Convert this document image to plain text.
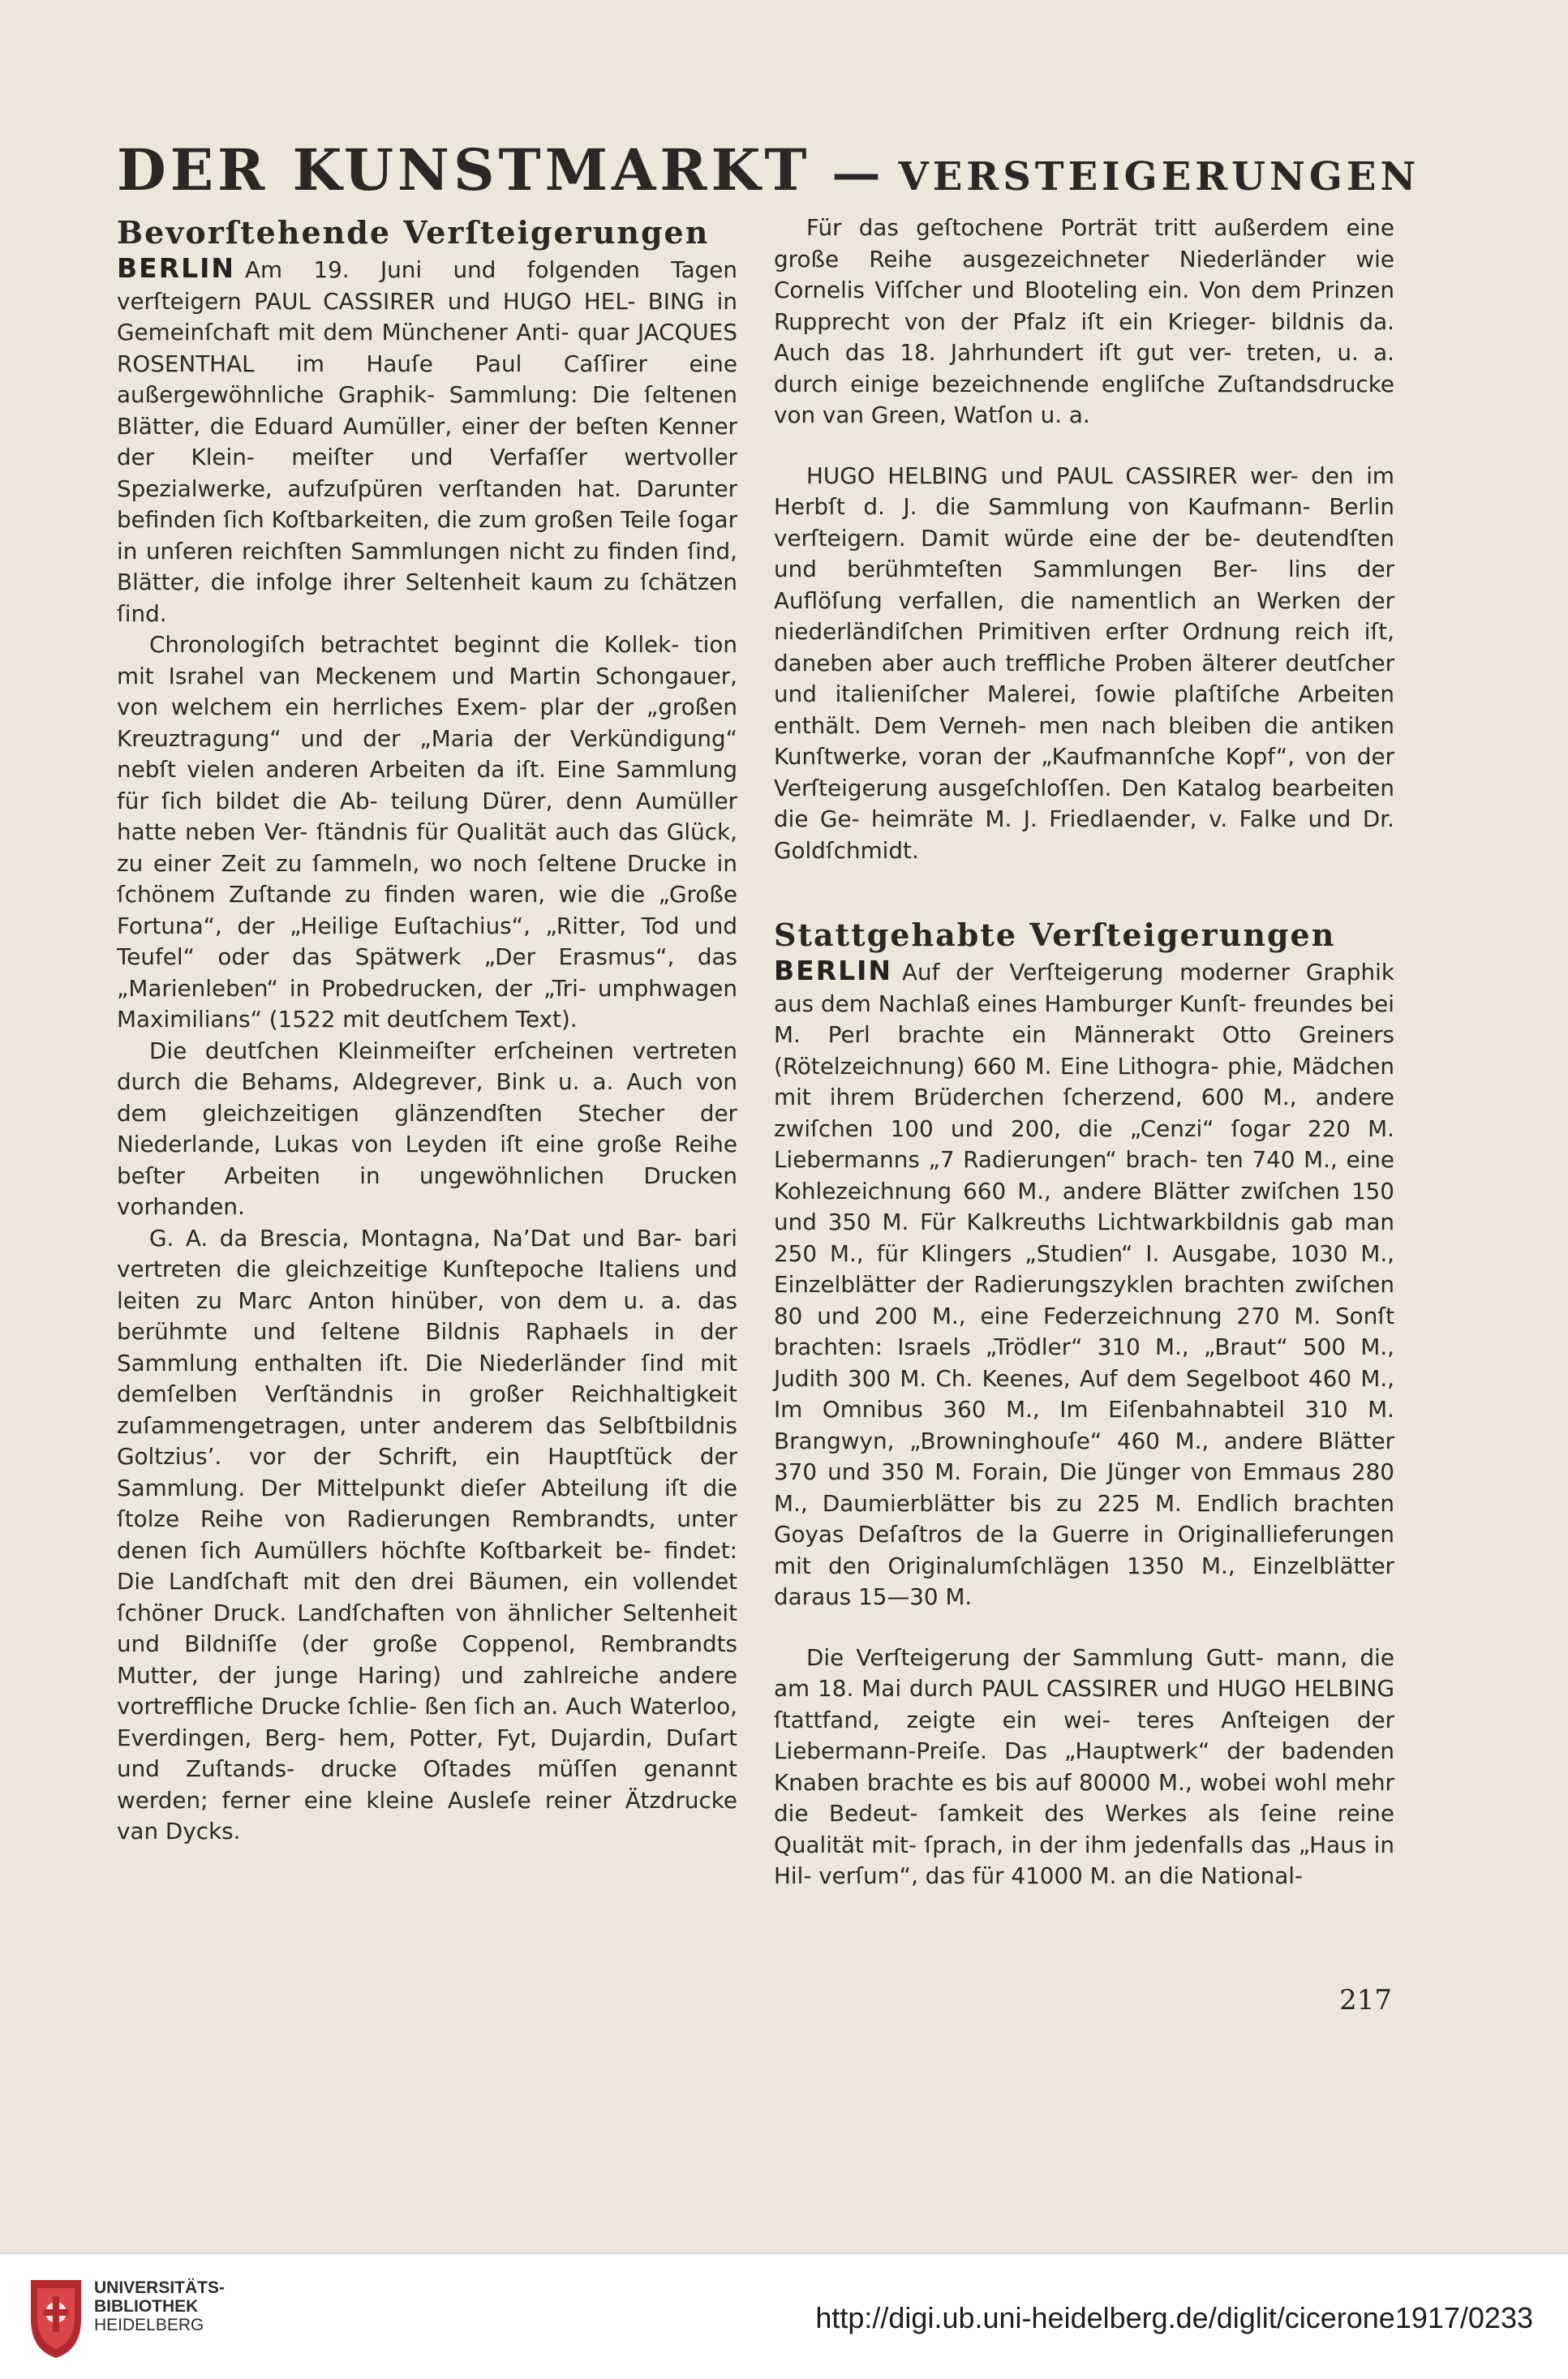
DER KUNSTMARKT — VERSTEIGERUNGEN
Bevorſtehende Verſteigerungen

BERLIN Am 19. Juni und folgenden Tagen verſteigern PAUL CASSIRER und HUGO HEL- BING in Gemeinſchaft mit dem Münchener Anti- quar JACQUES ROSENTHAL im Hauſe Paul Caſſirer eine außergewöhnliche Graphik- Sammlung: Die ſeltenen Blätter, die Eduard Aumüller, einer der beſten Kenner der Klein- meiſter und Verfaſſer wertvoller Spezialwerke, aufzuſpüren verſtanden hat. Darunter befinden ſich Koſtbarkeiten, die zum großen Teile ſogar in unſeren reichſten Sammlungen nicht zu finden ſind, Blätter, die infolge ihrer Seltenheit kaum zu ſchätzen ſind.

Chronologiſch betrachtet beginnt die Kollek- tion mit Israhel van Meckenem und Martin Schongauer, von welchem ein herrliches Exem- plar der „großen Kreuztragung“ und der „Maria der Verkündigung“ nebſt vielen anderen Arbeiten da iſt. Eine Sammlung für ſich bildet die Ab- teilung Dürer, denn Aumüller hatte neben Ver- ſtändnis für Qualität auch das Glück, zu einer Zeit zu ſammeln, wo noch ſeltene Drucke in ſchönem Zuſtande zu finden waren, wie die „Große Fortuna“, der „Heilige Euſtachius“, „Ritter, Tod und Teufel“ oder das Spätwerk „Der Erasmus“, das „Marienleben“ in Probedrucken, der „Tri- umphwagen Maximilians“ (1522 mit deutſchem Text).

Die deutſchen Kleinmeiſter erſcheinen vertreten durch die Behams, Aldegrever, Bink u. a. Auch von dem gleichzeitigen glänzendſten Stecher der Niederlande, Lukas von Leyden iſt eine große Reihe beſter Arbeiten in ungewöhnlichen Drucken vorhanden.

G. A. da Brescia, Montagna, Na’Dat und Bar- bari vertreten die gleichzeitige Kunſtepoche Italiens und leiten zu Marc Anton hinüber, von dem u. a. das berühmte und ſeltene Bildnis Raphaels in der Sammlung enthalten iſt. Die Niederländer ſind mit demſelben Verſtändnis in großer Reichhaltigkeit zuſammengetragen, unter anderem das Selbſtbildnis Goltzius’. vor der Schrift, ein Hauptſtück der Sammlung. Der Mittelpunkt dieſer Abteilung iſt die ſtolze Reihe von Radierungen Rembrandts, unter denen ſich Aumüllers höchſte Koſtbarkeit be- findet: Die Landſchaft mit den drei Bäumen, ein vollendet ſchöner Druck. Landſchaften von ähnlicher Seltenheit und Bildniſſe (der große Coppenol, Rembrandts Mutter, der junge Haring) und zahlreiche andere vortreffliche Drucke ſchlie- ßen ſich an. Auch Waterloo, Everdingen, Berg- hem, Potter, Fyt, Dujardin, Duſart und Zuſtands- drucke Oſtades müſſen genannt werden; ferner eine kleine Ausleſe reiner Ätzdrucke van Dycks.

Für das geſtochene Porträt tritt außerdem eine große Reihe ausgezeichneter Niederländer wie Cornelis Viſſcher und Blooteling ein. Von dem Prinzen Rupprecht von der Pfalz iſt ein Krieger- bildnis da. Auch das 18. Jahrhundert iſt gut ver- treten, u. a. durch einige bezeichnende engliſche Zuſtandsdrucke von van Green, Watſon u. a.

HUGO HELBING und PAUL CASSIRER wer- den im Herbſt d. J. die Sammlung von Kaufmann- Berlin verſteigern. Damit würde eine der be- deutendſten und berühmteſten Sammlungen Ber- lins der Auflöſung verfallen, die namentlich an Werken der niederländiſchen Primitiven erſter Ordnung reich iſt, daneben aber auch treffliche Proben älterer deutſcher und italieniſcher Malerei, ſowie plaſtiſche Arbeiten enthält. Dem Verneh- men nach bleiben die antiken Kunſtwerke, voran der „Kaufmannſche Kopf“, von der Verſteigerung ausgeſchloſſen. Den Katalog bearbeiten die Ge- heimräte M. J. Friedlaender, v. Falke und Dr. Goldſchmidt.

Stattgehabte Verſteigerungen

BERLIN Auf der Verſteigerung moderner Graphik aus dem Nachlaß eines Hamburger Kunſt- freundes bei M. Perl brachte ein Männerakt Otto Greiners (Rötelzeichnung) 660 M. Eine Lithogra- phie, Mädchen mit ihrem Brüderchen ſcherzend, 600 M., andere zwiſchen 100 und 200, die „Cenzi“ ſogar 220 M. Liebermanns „7 Radierungen“ brach- ten 740 M., eine Kohlezeichnung 660 M., andere Blätter zwiſchen 150 und 350 M. Für Kalkreuths Lichtwarkbildnis gab man 250 M., für Klingers „Studien“ I. Ausgabe, 1030 M., Einzelblätter der Radierungszyklen brachten zwiſchen 80 und 200 M., eine Federzeichnung 270 M. Sonſt brachten: Israels „Trödler“ 310 M., „Braut“ 500 M., Judith 300 M. Ch. Keenes, Auf dem Segelboot 460 M., Im Omnibus 360 M., Im Eiſenbahnabteil 310 M. Brangwyn, „Browninghouſe“ 460 M., andere Blätter 370 und 350 M. Forain, Die Jünger von Emmaus 280 M., Daumierblätter bis zu 225 M. Endlich brachten Goyas Deſaſtros de la Guerre in Originallieferungen mit den Originalumſchlägen 1350 M., Einzelblätter daraus 15—30 M.

Die Verſteigerung der Sammlung Gutt- mann, die am 18. Mai durch PAUL CASSIRER und HUGO HELBING ſtattfand, zeigte ein wei- teres Anſteigen der Liebermann-Preiſe. Das „Hauptwerk“ der badenden Knaben brachte es bis auf 80000 M., wobei wohl mehr die Bedeut- ſamkeit des Werkes als ſeine reine Qualität mit- ſprach, in der ihm jedenfalls das „Haus in Hil- verſum“, das für 41000 M. an die National-

217
UNIVERSITÄTS-
BIBLIOTHEK
HEIDELBERG	http://digi.ub.uni-heidelberg.de/diglit/cicerone1917/0233
